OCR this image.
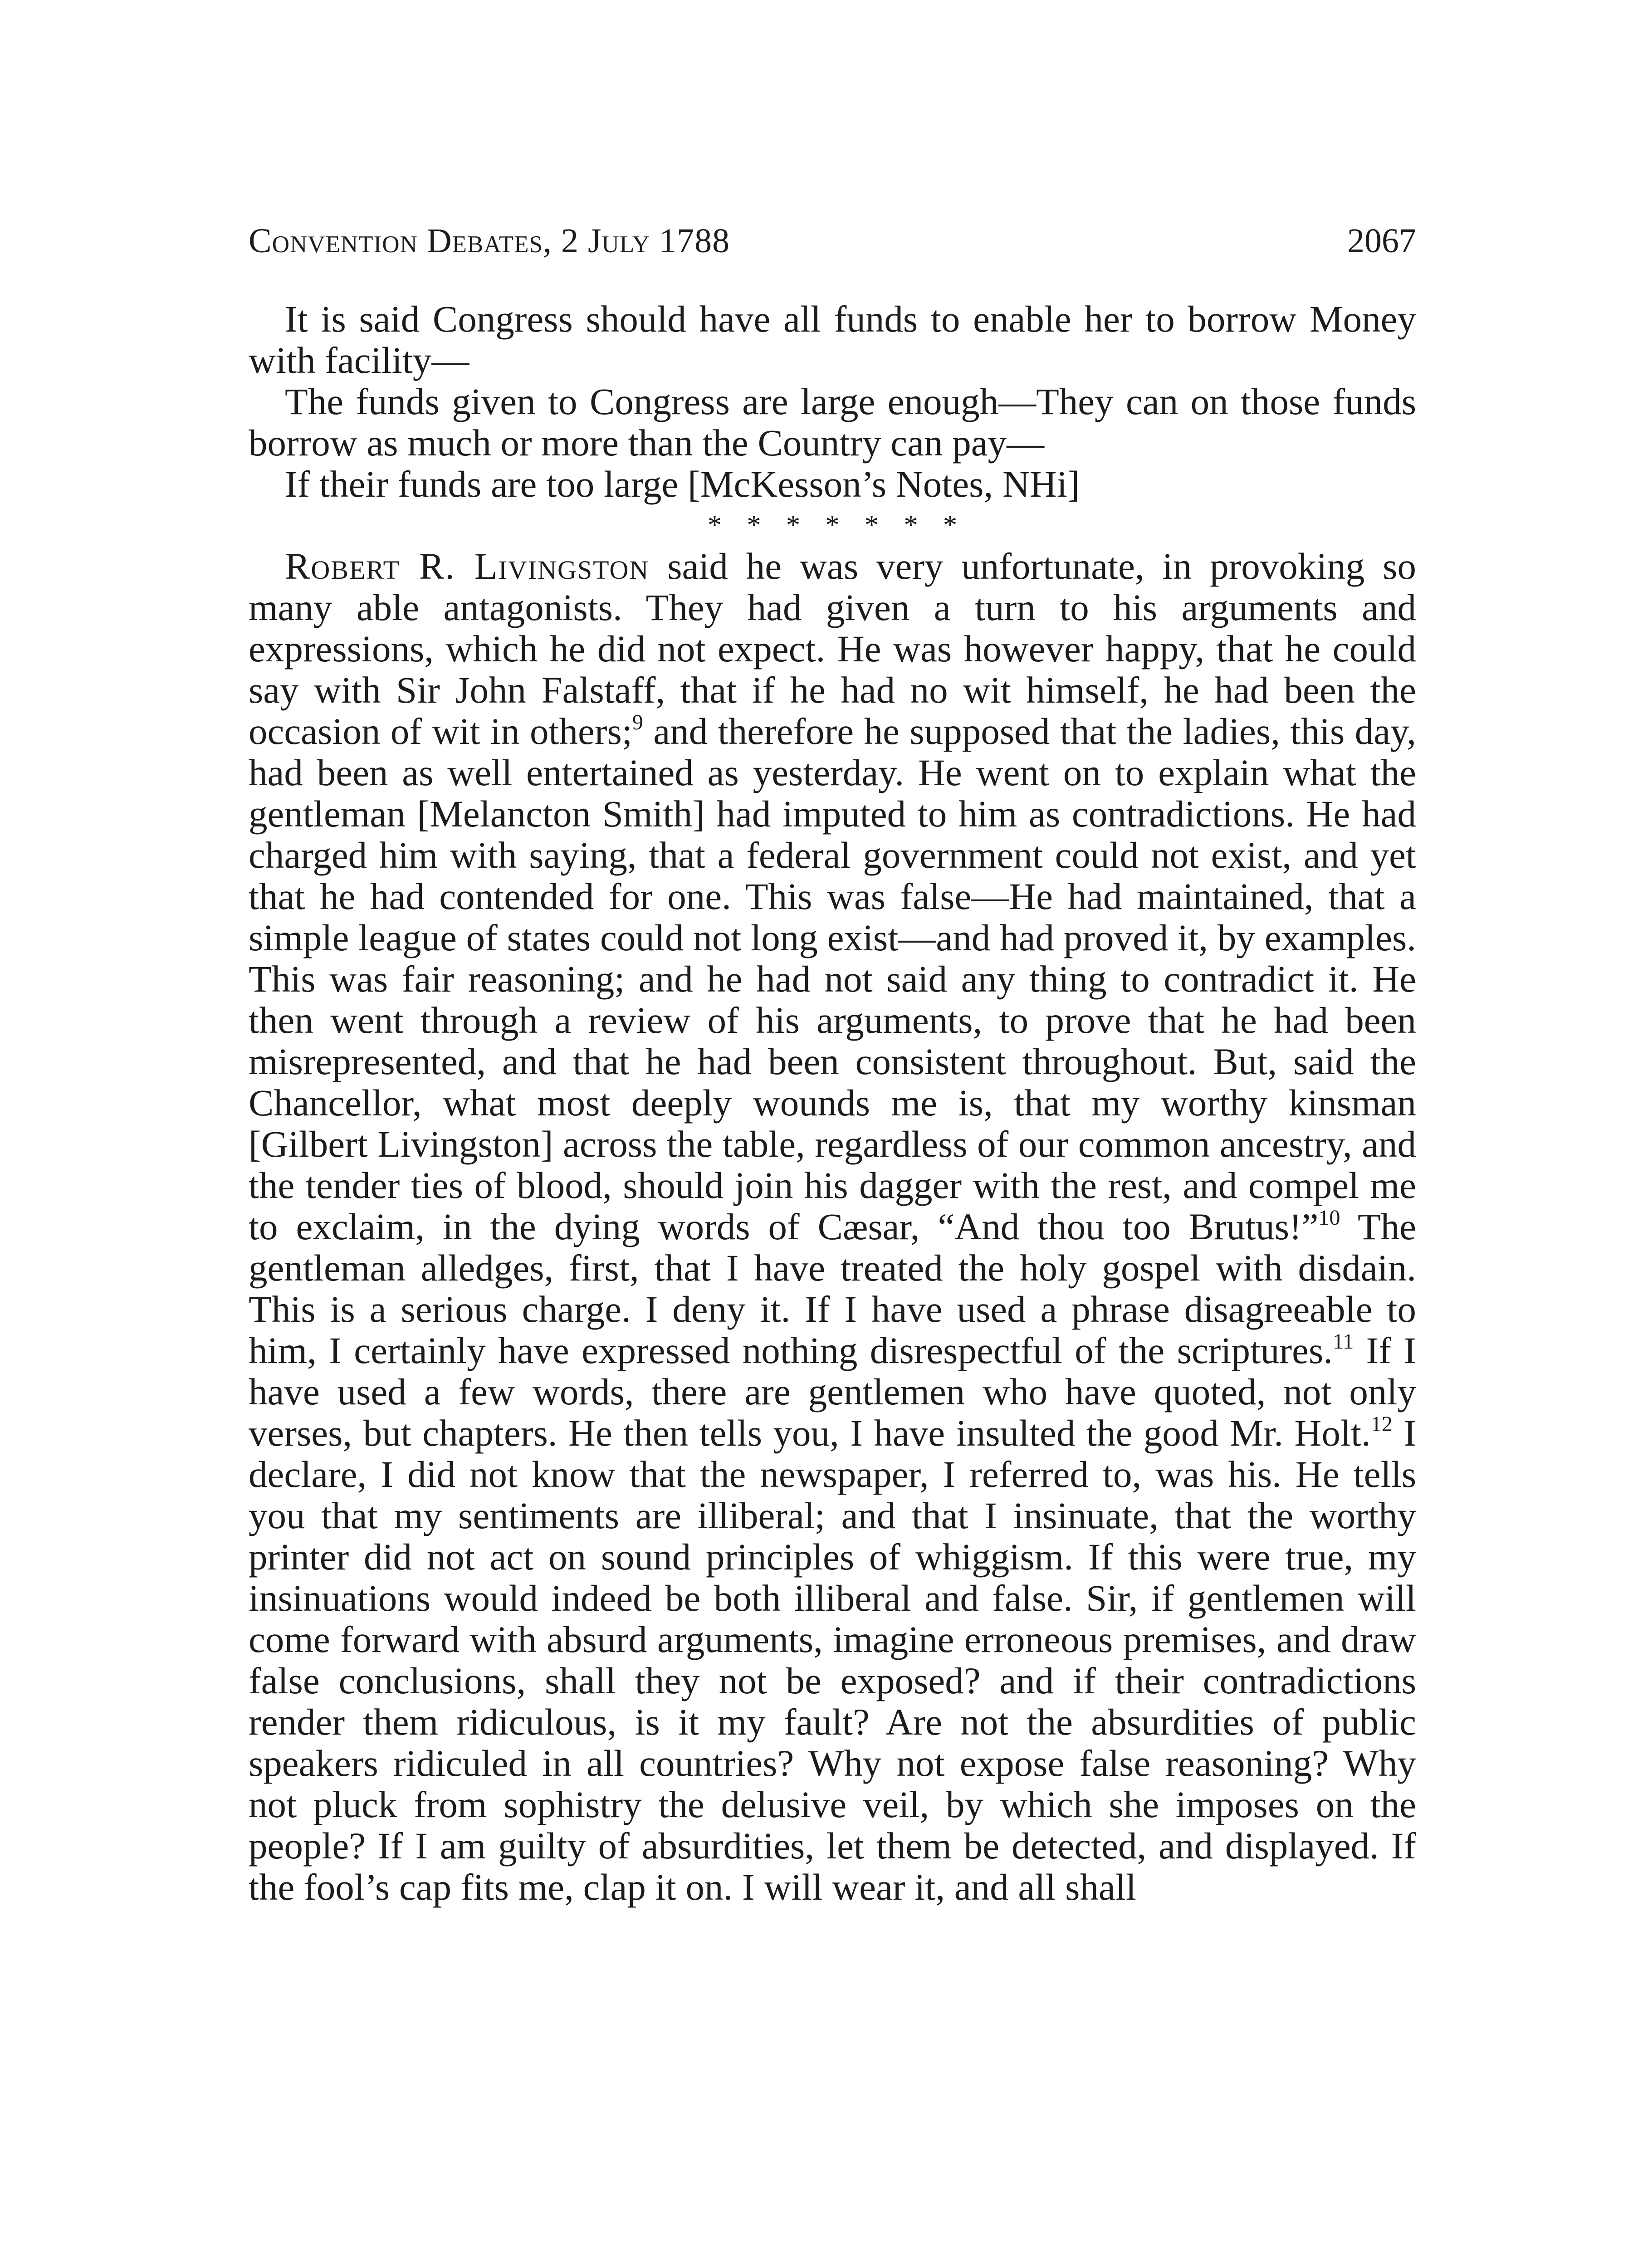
Convention Debates, 2 July 1788	2067

It is said Congress should have all funds to enable her to borrow Money with facility—

The funds given to Congress are large enough—They can on those funds borrow as much or more than the Country can pay—

If their funds are too large [McKesson’s Notes, NHi]

* * * * * * *

Robert R. Livingston said he was very unfortunate, in provoking so many able antagonists. They had given a turn to his arguments and expressions, which he did not expect. He was however happy, that he could say with Sir John Falstaff, that if he had no wit himself, he had been the occasion of wit in others;$^9$ and therefore he supposed that the ladies, this day, had been as well entertained as yesterday. He went on to explain what the gentleman [Melancton Smith] had imputed to him as contradictions. He had charged him with saying, that a federal government could not exist, and yet that he had contended for one. This was false—He had maintained, that a simple league of states could not long exist—and had proved it, by examples. This was fair reasoning; and he had not said any thing to contradict it. He then went through a review of his arguments, to prove that he had been misrepresented, and that he had been consistent throughout. But, said the Chancellor, what most deeply wounds me is, that my worthy kinsman [Gilbert Livingston] across the table, regardless of our common ancestry, and the tender ties of blood, should join his dagger with the rest, and compel me to exclaim, in the dying words of Cæsar, “And thou too Brutus!”$^{10}$ The gentleman alledges, first, that I have treated the holy gospel with disdain. This is a serious charge. I deny it. If I have used a phrase disagreeable to him, I certainly have expressed nothing disrespectful of the scriptures.$^{11}$ If I have used a few words, there are gentlemen who have quoted, not only verses, but chapters. He then tells you, I have insulted the good Mr. Holt.$^{12}$ I declare, I did not know that the newspaper, I referred to, was his. He tells you that my sentiments are illiberal; and that I insinuate, that the worthy printer did not act on sound principles of whiggism. If this were true, my insinuations would indeed be both illiberal and false. Sir, if gentlemen will come forward with absurd arguments, imagine erroneous premises, and draw false conclusions, shall they not be exposed? and if their contradictions render them ridiculous, is it my fault? Are not the absurdities of public speakers ridiculed in all countries? Why not expose false reasoning? Why not pluck from sophistry the delusive veil, by which she imposes on the people? If I am guilty of absurdities, let them be detected, and displayed. If the fool’s cap fits me, clap it on. I will wear it, and all shall
